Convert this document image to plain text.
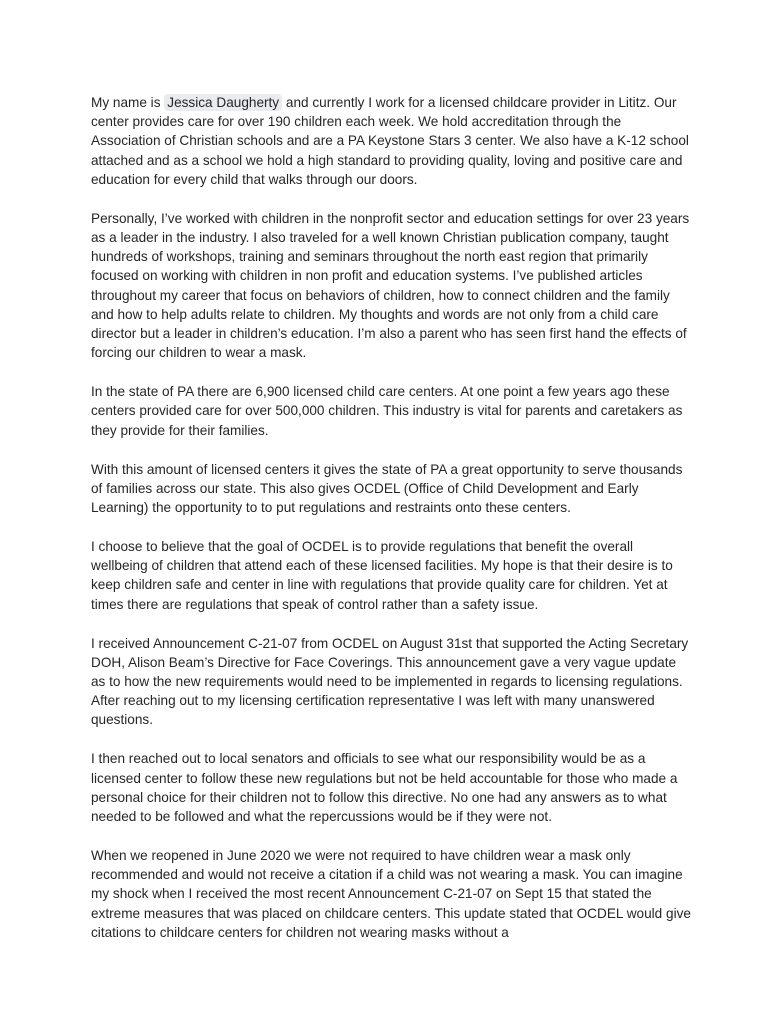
My name is Jessica Daugherty and currently I work for a licensed childcare provider in Lititz. Our center provides care for over 190 children each week. We hold accreditation through the Association of Christian schools and are a PA Keystone Stars 3 center. We also have a K-12 school attached and as a school we hold a high standard to providing quality, loving and positive care and education for every child that walks through our doors.

Personally, I’ve worked with children in the nonprofit sector and education settings for over 23 years as a leader in the industry. I also traveled for a well known Christian publication company, taught hundreds of workshops, training and seminars throughout the north east region that primarily focused on working with children in non profit and education systems. I’ve published articles throughout my career that focus on behaviors of children, how to connect children and the family and how to help adults relate to children. My thoughts and words are not only from a child care director but a leader in children’s education. I’m also a parent who has seen first hand the effects of forcing our children to wear a mask.

In the state of PA there are 6,900 licensed child care centers. At one point a few years ago these centers provided care for over 500,000 children. This industry is vital for parents and caretakers as they provide for their families.

With this amount of licensed centers it gives the state of PA a great opportunity to serve thousands of families across our state. This also gives OCDEL (Office of Child Development and Early Learning) the opportunity to to put regulations and restraints onto these centers.

I choose to believe that the goal of OCDEL is to provide regulations that benefit the overall wellbeing of children that attend each of these licensed facilities. My hope is that their desire is to keep children safe and center in line with regulations that provide quality care for children. Yet at times there are regulations that speak of control rather than a safety issue.

I received Announcement C-21-07 from OCDEL on August 31st that supported the Acting Secretary DOH, Alison Beam’s Directive for Face Coverings. This announcement gave a very vague update as to how the new requirements would need to be implemented in regards to licensing regulations. After reaching out to my licensing certification representative I was left with many unanswered questions.

I then reached out to local senators and officials to see what our responsibility would be as a licensed center to follow these new regulations but not be held accountable for those who made a personal choice for their children not to follow this directive. No one had any answers as to what needed to be followed and what the repercussions would be if they were not.

When we reopened in June 2020 we were not required to have children wear a mask only recommended and would not receive a citation if a child was not wearing a mask. You can imagine my shock when I received the most recent Announcement C-21-07 on Sept 15 that stated the extreme measures that was placed on childcare centers. This update stated that OCDEL would give citations to childcare centers for children not wearing masks without a
